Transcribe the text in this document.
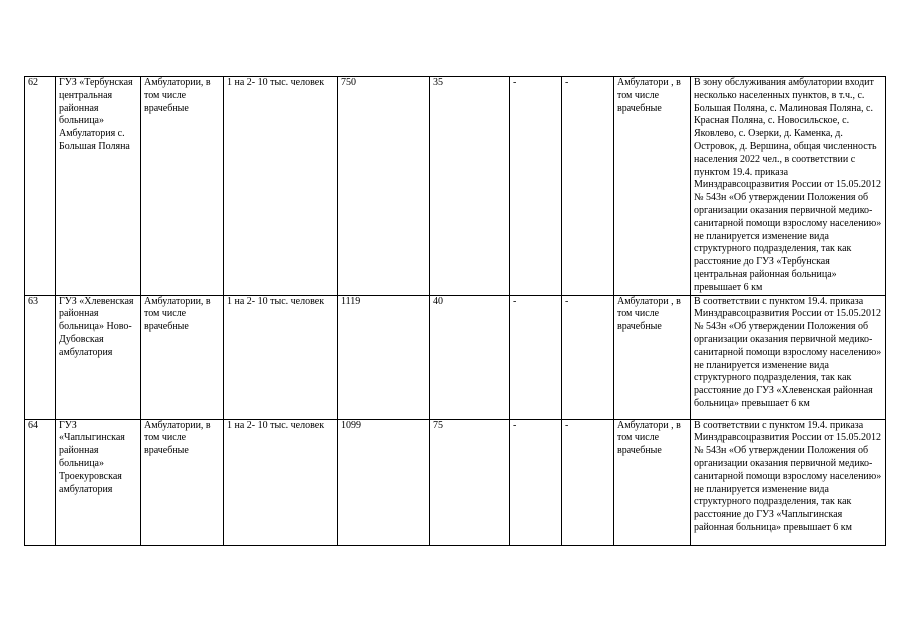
62	ГУЗ «Тербунская центральная районная больница» Амбулатория с. Большая Поляна	Амбулатории, в том числе врачебные	1 на 2- 10 тыс. человек	750	35	-	-	Амбулатори , в том числе врачебные	В зону обслуживания амбулатории входит несколько населенных пунктов, в т.ч., с. Большая Поляна, с. Малиновая Поляна, с. Красная Поляна, с. Новосильское, с. Яковлево, с. Озерки, д. Каменка, д. Островок, д. Вершина, общая численность населения 2022 чел., в соответствии с пунктом 19.4. приказа Минздравсоцразвития России от 15.05.2012 № 543н «Об утверждении Положения об организации оказания первичной медико-санитарной помощи взрослому населению» не планируется изменение вида структурного подразделения, так как расстояние до ГУЗ «Тербунская центральная районная больница» превышает 6 км
63	ГУЗ «Хлевенская районная больница» Ново-Дубовская амбулатория	Амбулатории, в том числе врачебные	1 на 2- 10 тыс. человек	1119	40	-	-	Амбулатори , в том числе врачебные	В соответствии с пунктом 19.4. приказа Минздравсоцразвития России от 15.05.2012 № 543н «Об утверждении Положения об организации оказания первичной медико-санитарной помощи взрослому населению» не планируется изменение вида структурного подразделения, так как расстояние до ГУЗ «Хлевенская районная больница» превышает 6 км
64	ГУЗ «Чаплыгинская районная больница» Троекуровская амбулатория	Амбулатории, в том числе врачебные	1 на 2- 10 тыс. человек	1099	75	-	-	Амбулатори , в том числе врачебные	В соответствии с пунктом 19.4. приказа Минздравсоцразвития России от 15.05.2012 № 543н «Об утверждении Положения об организации оказания первичной медико-санитарной помощи взрослому населению» не планируется изменение вида структурного подразделения, так как расстояние до ГУЗ «Чаплыгинская районная больница» превышает 6 км
